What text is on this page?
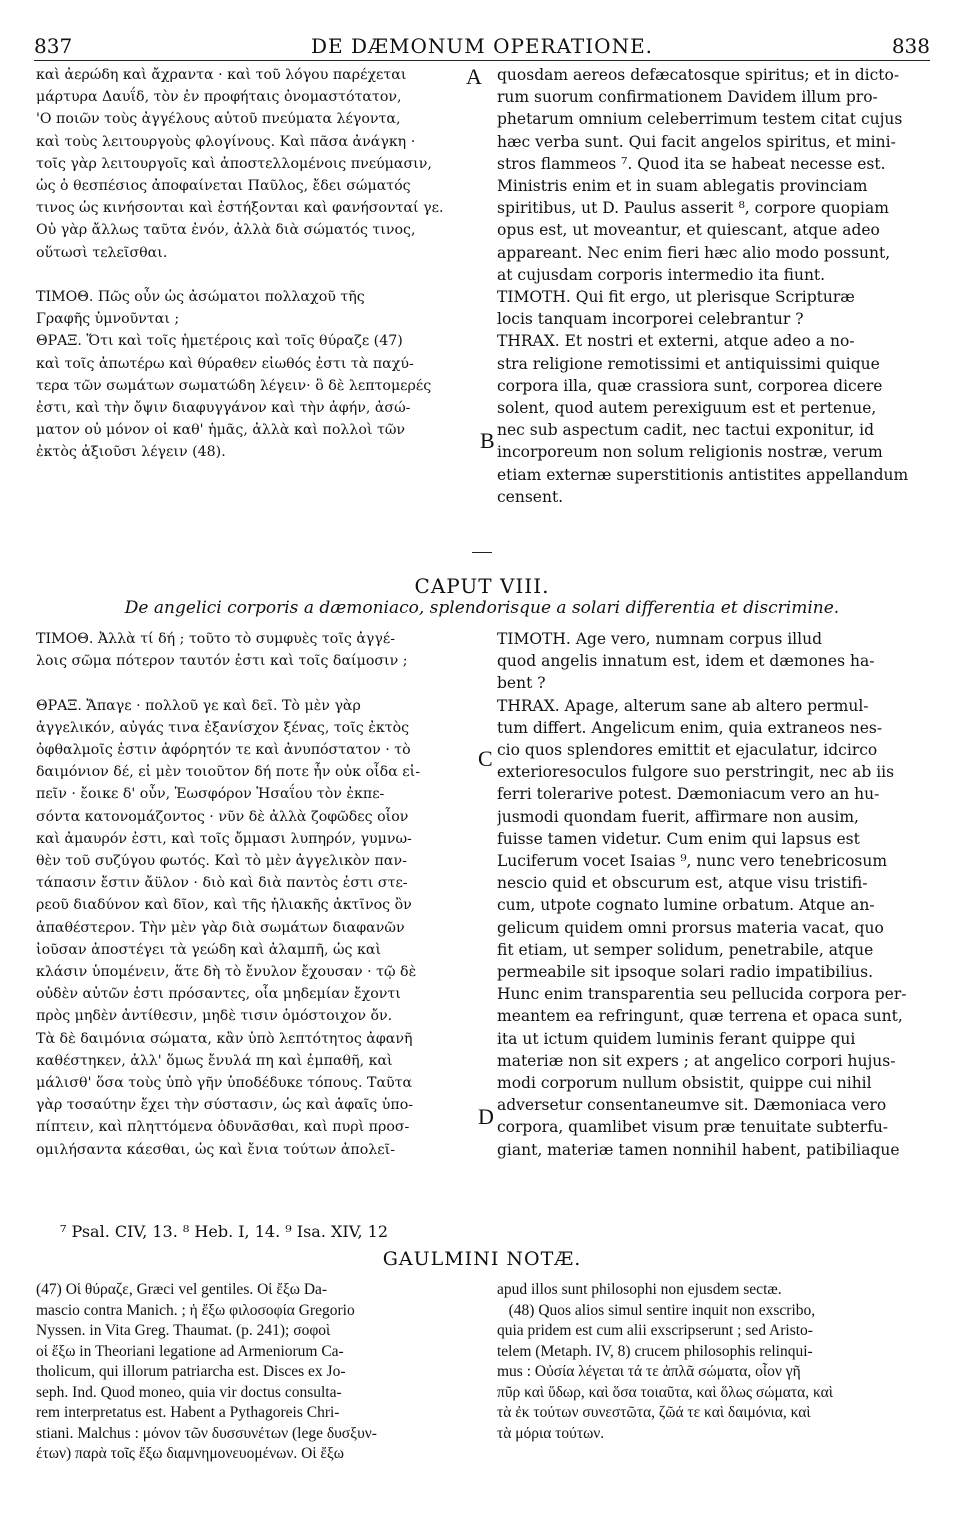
837	DE DÆMONUM OPERATIONE.	838
καὶ ἀερώδη καὶ ἄχραντα · καὶ τοῦ λόγου παρέχεται
μάρτυρα Δαυΐδ, τὸν ἐν προφήταις ὀνομαστότατον,
'Ο ποιῶν τοὺς ἀγγέλους αὐτοῦ πνεύματα λέγοντα,
καὶ τοὺς λειτουργοὺς φλογίνους. Καὶ πᾶσα ἀνάγκη ·
τοῖς γὰρ λειτουργοῖς καὶ ἀποστελλομένοις πνεύμασιν,
ὡς ὁ θεσπέσιος ἀποφαίνεται Παῦλος, ἔδει σώματός
τινος ὡς κινήσονται καὶ ἐστήξονται καὶ φανήσονταί γε.
Οὐ γὰρ ἄλλως ταῦτα ἐνόν, ἀλλὰ διὰ σώματός τινος,
οὕτωσὶ τελεῖσθαι.

ΤΙΜΟΘ. Πῶς οὖν ὡς ἀσώματοι πολλαχοῦ τῆς
Γραφῆς ὑμνοῦνται ;
ΘΡΑΞ. Ὅτι καὶ τοῖς ἡμετέροις καὶ τοῖς θύραζε (47)
καὶ τοῖς ἀπωτέρω καὶ θύραθεν εἰωθός ἐστι τὰ παχύ-
τερα τῶν σωμάτων σωματώδη λέγειν· ὃ δὲ λεπτομερές
ἐστι, καὶ τὴν ὄψιν διαφυγγάνον καὶ τὴν ἁφήν, ἀσώ-
ματον οὐ μόνον οἱ καθ' ἡμᾶς, ἀλλὰ καὶ πολλοὶ τῶν
ἐκτὸς ἀξιοῦσι λέγειν (48).
quosdam aereos defæcatosque spiritus; et in dicto-
rum suorum confirmationem Davidem illum pro-
phetarum omnium celeberrimum testem citat cujus
hæc verba sunt. Qui facit angelos spiritus, et mini-
stros flammeos ⁷. Quod ita se habeat necesse est.
Ministris enim et in suam ablegatis provinciam
spiritibus, ut D. Paulus asserit ⁸, corpore quopiam
opus est, ut moveantur, et quiescant, atque adeo
appareant. Nec enim fieri hæc alio modo possunt,
at cujusdam corporis intermedio ita fiunt.
TIMOTH. Qui fit ergo, ut plerisque Scripturæ
locis tanquam incorporei celebrantur ?
THRAX. Et nostri et externi, atque adeo a no-
stra religione remotissimi et antiquissimi quique
corpora illa, quæ crassiora sunt, corporea dicere
solent, quod autem perexiguum est et pertenue,
nec sub aspectum cadit, nec tactui exponitur, id
incorporeum non solum religionis nostræ, verum
etiam externæ superstitionis antistites appellandum
censent.
A
B
CAPUT VIII.
De angelici corporis a dæmoniaco, splendorisque a solari differentia et discrimine.
ΤΙΜΟΘ. Ἀλλὰ τί δή ; τοῦτο τὸ συμφυὲς τοῖς ἀγγέ-
λοις σῶμα πότερον ταυτόν ἐστι καὶ τοῖς δαίμοσιν ;

ΘΡΑΞ. Ἄπαγε · πολλοῦ γε καὶ δεῖ. Τὸ μὲν γὰρ
ἀγγελικόν, αὐγάς τινα ἐξανίσχον ξένας, τοῖς ἐκτὸς
ὀφθαλμοῖς ἐστιν ἀφόρητόν τε καὶ ἀνυπόστατον · τὸ
δαιμόνιον δέ, εἰ μὲν τοιοῦτον δή ποτε ἦν οὐκ οἶδα εἰ-
πεῖν · ἔοικε δ' οὖν, Ἑωσφόρον Ἡσαΐου τὸν ἐκπε-
σόντα κατονομάζοντος · νῦν δὲ ἀλλὰ ζοφῶδες οἷον
καὶ ἀμαυρόν ἐστι, καὶ τοῖς ὄμμασι λυπηρόν, γυμνω-
θὲν τοῦ συζύγου φωτός. Καὶ τὸ μὲν ἀγγελικὸν παν-
τάπασιν ἔστιν ἄϋλον · διὸ καὶ διὰ παντὸς ἐστι στε-
ρεοῦ διαδύνον καὶ δῖον, καὶ τῆς ἡλιακῆς ἀκτῖνος ὂν
ἀπαθέστερον. Τὴν μὲν γὰρ διὰ σωμάτων διαφανῶν
ἰοῦσαν ἀποστέγει τὰ γεώδη καὶ ἀλαμπῆ, ὡς καὶ
κλάσιν ὑπομένειν, ἅτε δὴ τὸ ἔνυλον ἔχουσαν · τῷ δὲ
οὐδὲν αὐτῶν ἐστι πρόσαντες, οἷα μηδεμίαν ἔχοντι
πρὸς μηδὲν ἀντίθεσιν, μηδὲ τισιν ὁμόστοιχον ὄν.
Τὰ δὲ δαιμόνια σώματα, κἂν ὑπὸ λεπτότητος ἀφανῆ
καθέστηκεν, ἀλλ' ὅμως ἔνυλά πη καὶ ἐμπαθῆ, καὶ
μάλισθ' ὅσα τοὺς ὑπὸ γῆν ὑποδέδυκε τόπους. Ταῦτα
γὰρ τοσαύτην ἔχει τὴν σύστασιν, ὡς καὶ ἁφαῖς ὑπο-
πίπτειν, καὶ πληττόμενα ὀδυνᾶσθαι, καὶ πυρὶ προσ-
ομιλήσαντα κάεσθαι, ὡς καὶ ἔνια τούτων ἀπολεῖ-
TIMOTH. Age vero, numnam corpus illud
quod angelis innatum est, idem et dæmones ha-
bent ?
THRAX. Apage, alterum sane ab altero permul-
tum differt. Angelicum enim, quia extraneos nes-
cio quos splendores emittit et ejaculatur, idcirco
exterioresoculos fulgore suo perstringit, nec ab iis
ferri tolerarive potest. Dæmoniacum vero an hu-
jusmodi quondam fuerit, affirmare non ausim,
fuisse tamen videtur. Cum enim qui lapsus est
Luciferum vocet Isaias ⁹, nunc vero tenebricosum
nescio quid et obscurum est, atque visu tristifi-
cum, utpote cognato lumine orbatum. Atque an-
gelicum quidem omni prorsus materia vacat, quo
fit etiam, ut semper solidum, penetrabile, atque
permeabile sit ipsoque solari radio impatibilius.
Hunc enim transparentia seu pellucida corpora per-
meantem ea refringunt, quæ terrena et opaca sunt,
ita ut ictum quidem luminis ferant quippe qui
materiæ non sit expers ; at angelico corpori hujus-
modi corporum nullum obsistit, quippe cui nihil
adversetur consentaneumve sit. Dæmoniaca vero
corpora, quamlibet visum præ tenuitate subterfu-
giant, materiæ tamen nonnihil habent, patibiliaque
C
D
⁷ Psal. CIV, 13. ⁸ Heb. I, 14. ⁹ Isa. XIV, 12
GAULMINI NOTÆ.
(47) Οἱ θύραζε, Græci vel gentiles. Οἱ ἔξω Da-
mascio contra Manich. ; ἡ ἔξω φιλοσοφία Gregorio
Nyssen. in Vita Greg. Thaumat. (p. 241); σοφοὶ
οἱ ἔξω in Theoriani legatione ad Armeniorum Ca-
tholicum, qui illorum patriarcha est. Disces ex Jo-
seph. Ind. Quod moneo, quia vir doctus consulta-
rem interpretatus est. Habent a Pythagoreis Chri-
stiani. Malchus : μόνον τῶν δυσσυνέτων (lege δυσξυν-
έτων) παρὰ τοῖς ἔξω διαμνημονευομένων. Οἱ ἔξω
apud illos sunt philosophi non ejusdem sectæ.
(48) Quos alios simul sentire inquit non exscribo,
quia pridem est cum alii exscripserunt ; sed Aristo-
telem (Metaph. IV, 8) crucem philosophis relinqui-
mus : Οὐσία λέγεται τά τε ἁπλᾶ σώματα, οἷον γῆ
πῦρ καὶ ὕδωρ, καὶ ὅσα τοιαῦτα, καὶ ὅλως σώματα, καὶ
τὰ ἐκ τούτων συνεστῶτα, ζῶά τε καὶ δαιμόνια, καὶ
τὰ μόρια τούτων.
